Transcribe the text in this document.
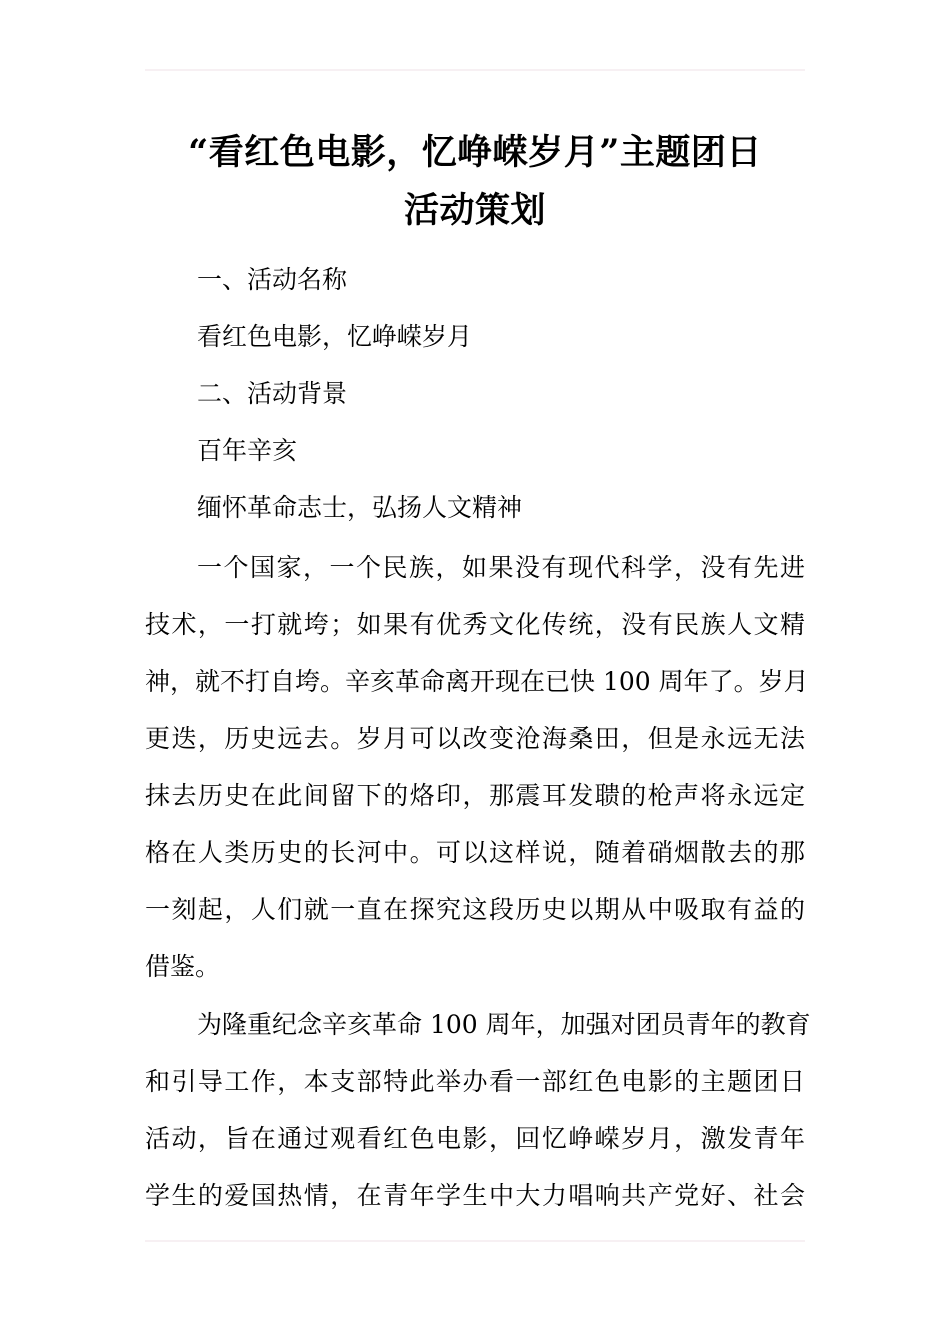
“看红色电影，忆峥嵘岁月”主题团日
活动策划

一、活动名称

看红色电影，忆峥嵘岁月

二、活动背景

百年辛亥

缅怀革命志士，弘扬人文精神

一个国家，一个民族，如果没有现代科学，没有先进
技术，一打就垮；如果有优秀文化传统，没有民族人文精
神，就不打自垮。辛亥革命离开现在已快 100 周年了。岁月
更迭，历史远去。岁月可以改变沧海桑田，但是永远无法
抹去历史在此间留下的烙印，那震耳发聩的枪声将永远定
格在人类历史的长河中。可以这样说，随着硝烟散去的那
一刻起，人们就一直在探究这段历史以期从中吸取有益的
借鉴。

为隆重纪念辛亥革命 100 周年，加强对团员青年的教育
和引导工作，本支部特此举办看一部红色电影的主题团日
活动，旨在通过观看红色电影，回忆峥嵘岁月，激发青年
学生的爱国热情，在青年学生中大力唱响共产党好、社会
